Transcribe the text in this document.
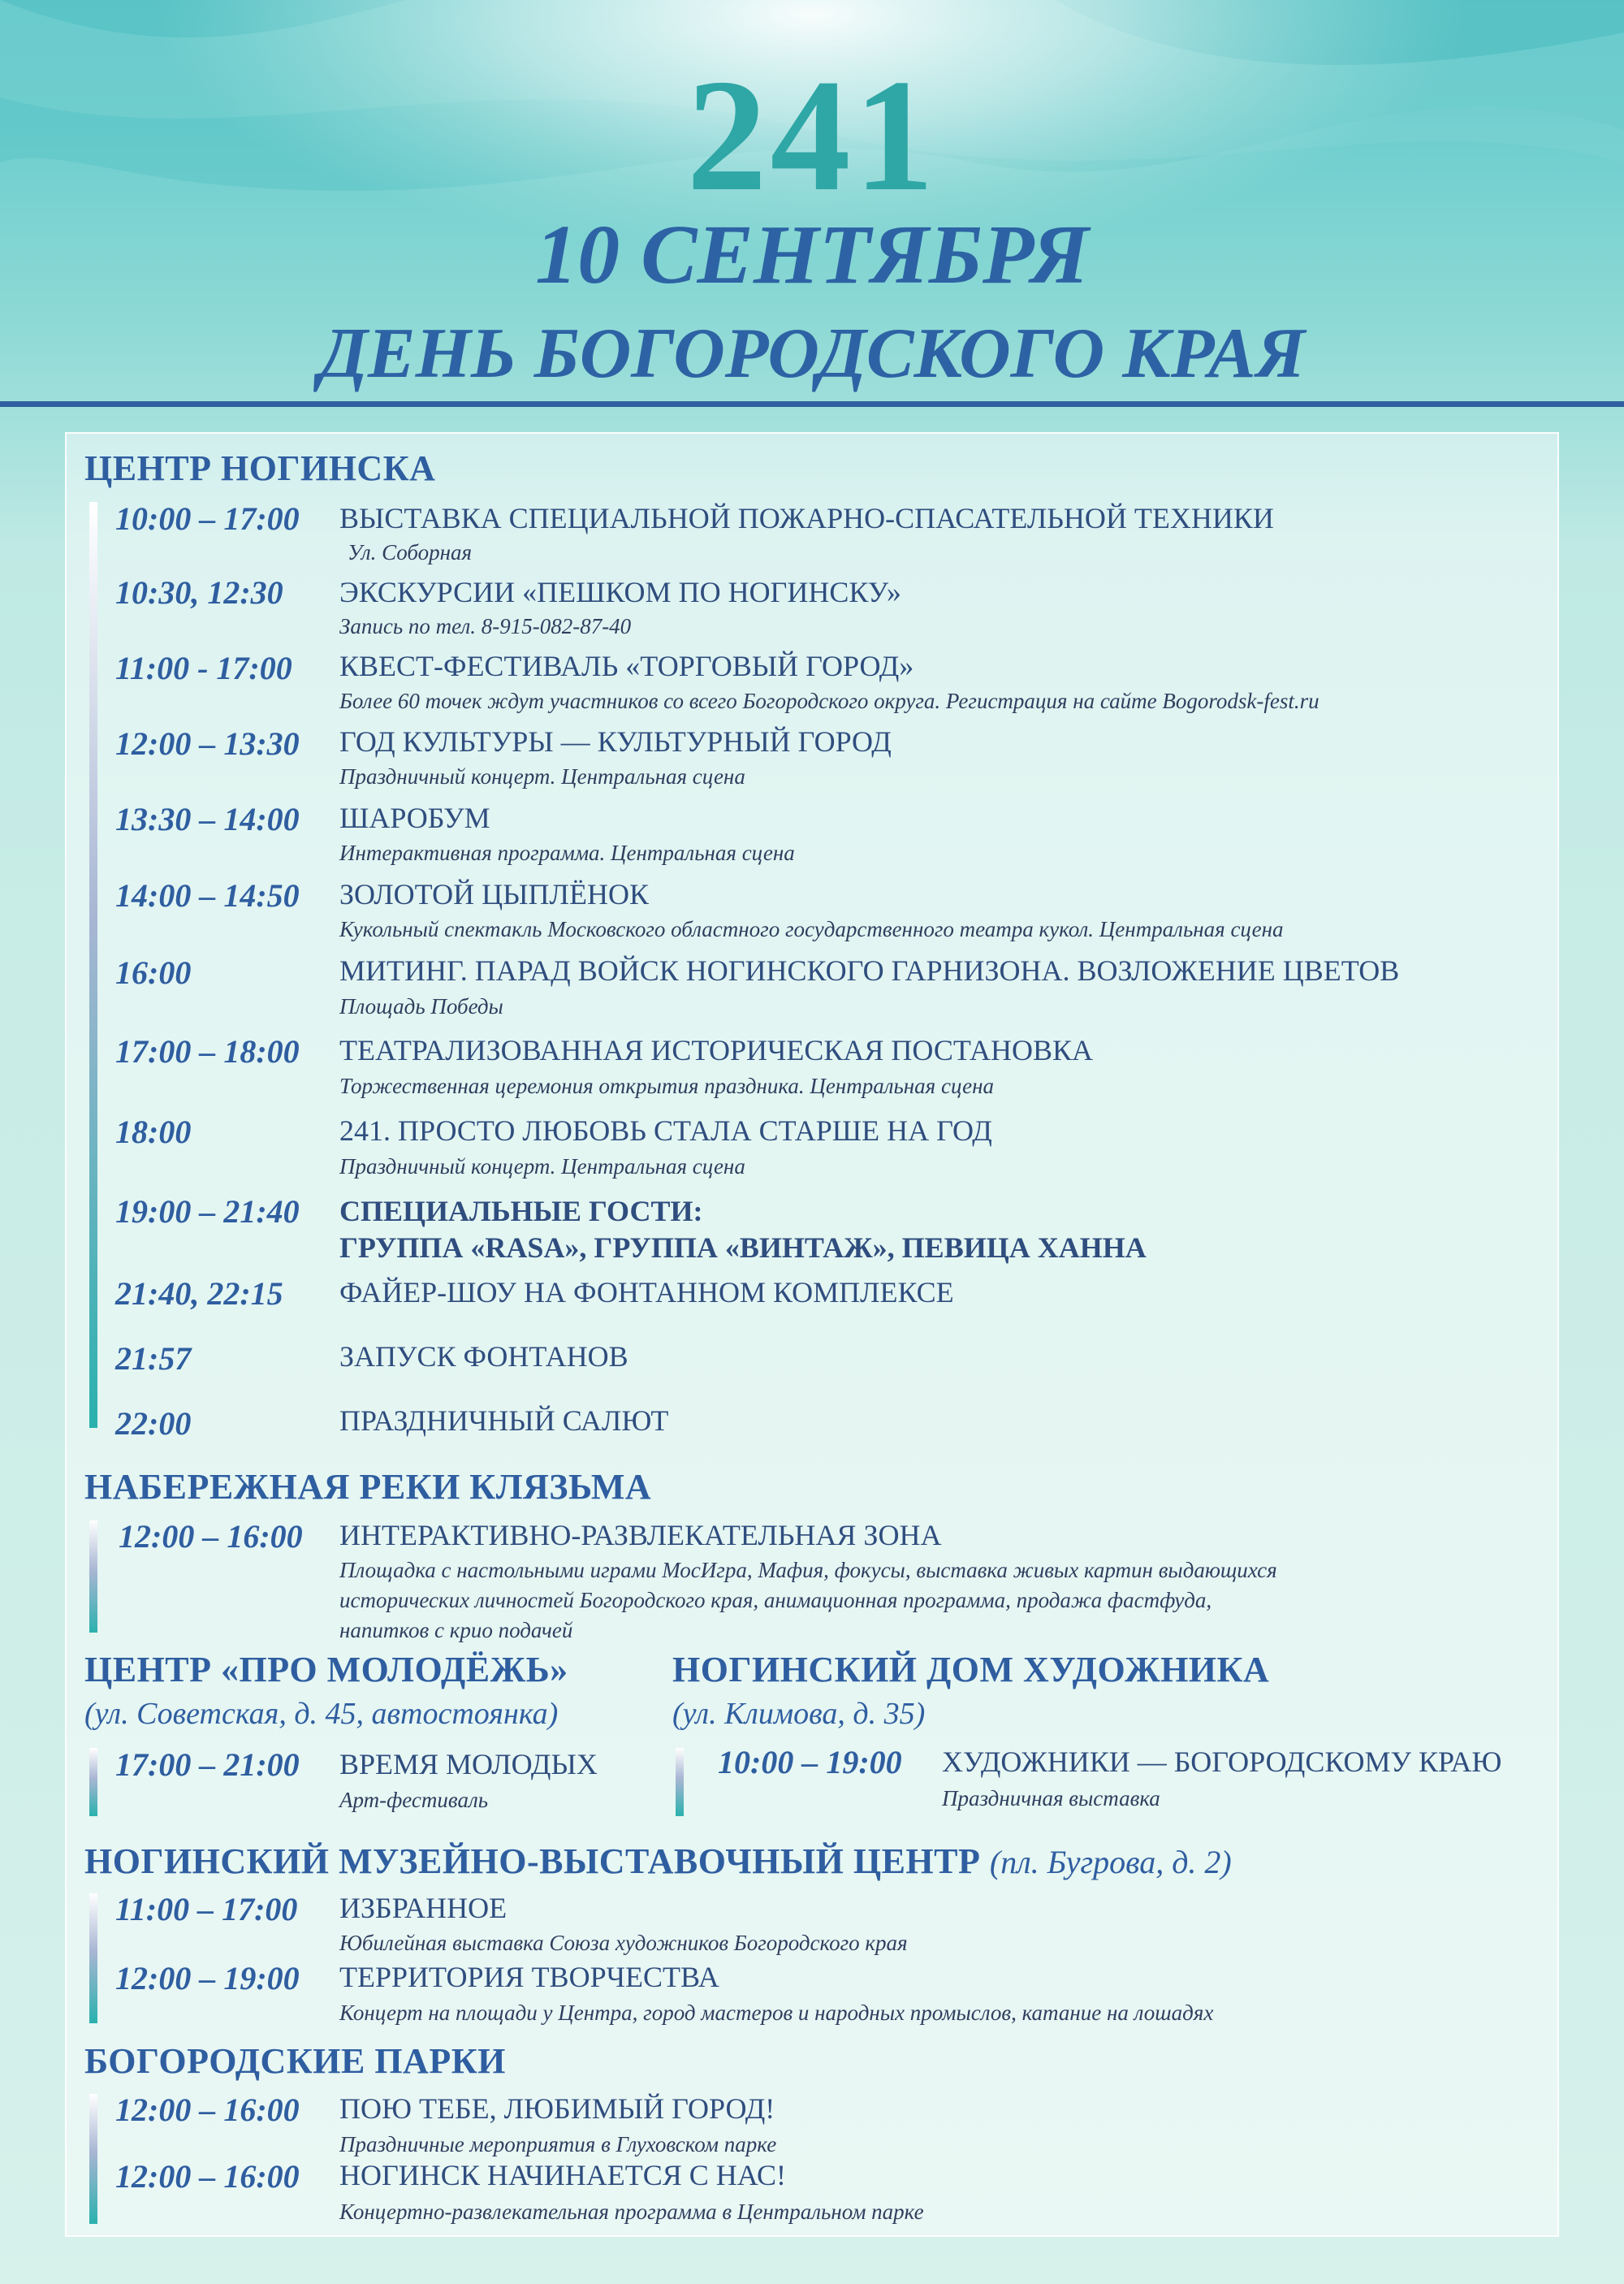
241
10 СЕНТЯБРЯ
ДЕНЬ БОГОРОДСКОГО КРАЯ
ЦЕНТР НОГИНСКА
10:00 – 17:00 ВЫСТАВКА СПЕЦИАЛЬНОЙ ПОЖАРНО-СПАСАТЕЛЬНОЙ ТЕХНИКИ
Ул. Соборная
10:30, 12:30 ЭКСКУРСИИ «ПЕШКОМ ПО НОГИНСКУ»
Запись по тел. 8-915-082-87-40
11:00 - 17:00 КВЕСТ-ФЕСТИВАЛЬ «ТОРГОВЫЙ ГОРОД»
Более 60 точек ждут участников со всего Богородского округа. Регистрация на сайте Bogorodsk-fest.ru
12:00 – 13:30 ГОД КУЛЬТУРЫ — КУЛЬТУРНЫЙ ГОРОД
Праздничный концерт. Центральная сцена
13:30 – 14:00 ШАРОБУМ
Интерактивная программа. Центральная сцена
14:00 – 14:50 ЗОЛОТОЙ ЦЫПЛЁНОК
Кукольный спектакль Московского областного государственного театра кукол. Центральная сцена
16:00	МИТИНГ. ПАРАД ВОЙСК НОГИНСКОГО ГАРНИЗОНА. ВОЗЛОЖЕНИЕ ЦВЕТОВ
Площадь Победы
17:00 – 18:00 ТЕАТРАЛИЗОВАННАЯ ИСТОРИЧЕСКАЯ ПОСТАНОВКА
Торжественная церемония открытия праздника. Центральная сцена
18:00	241. ПРОСТО ЛЮБОВЬ СТАЛА СТАРШЕ НА ГОД
Праздничный концерт. Центральная сцена
19:00 – 21:40 СПЕЦИАЛЬНЫЕ ГОСТИ:
ГРУППА «RASA», ГРУППА «ВИНТАЖ», ПЕВИЦА ХАННА
21:40, 22:15 ФАЙЕР-ШОУ НА ФОНТАННОМ КОМПЛЕКСЕ
21:57	ЗАПУСК ФОНТАНОВ
22:00	ПРАЗДНИЧНЫЙ САЛЮТ
НАБЕРЕЖНАЯ РЕКИ КЛЯЗЬМА
12:00 – 16:00 ИНТЕРАКТИВНО-РАЗВЛЕКАТЕЛЬНАЯ ЗОНА
Площадка с настольными играми МосИгра, Мафия, фокусы, выставка живых картин выдающихся
исторических личностей Богородского края, анимационная программа, продажа фастфуда,
напитков с крио подачей
ЦЕНТР «ПРО МОЛОДЁЖЬ»
(ул. Советская, д. 45, автостоянка)
17:00 – 21:00 ВРЕМЯ МОЛОДЫХ
Арт-фестиваль
НОГИНСКИЙ ДОМ ХУДОЖНИКА
(ул. Климова, д. 35)
10:00 – 19:00 ХУДОЖНИКИ — БОГОРОДСКОМУ КРАЮ
Праздничная выставка
НОГИНСКИЙ МУЗЕЙНО-ВЫСТАВОЧНЫЙ ЦЕНТР (пл. Бугрова, д. 2)
11:00 – 17:00 ИЗБРАННОЕ
Юбилейная выставка Союза художников Богородского края
12:00 – 19:00 ТЕРРИТОРИЯ ТВОРЧЕСТВА
Концерт на площади у Центра, город мастеров и народных промыслов, катание на лошадях
БОГОРОДСКИЕ ПАРКИ
12:00 – 16:00 ПОЮ ТЕБЕ, ЛЮБИМЫЙ ГОРОД!
Праздничные мероприятия в Глуховском парке
12:00 – 16:00 НОГИНСК НАЧИНАЕТСЯ С НАС!
Концертно-развлекательная программа в Центральном парке
